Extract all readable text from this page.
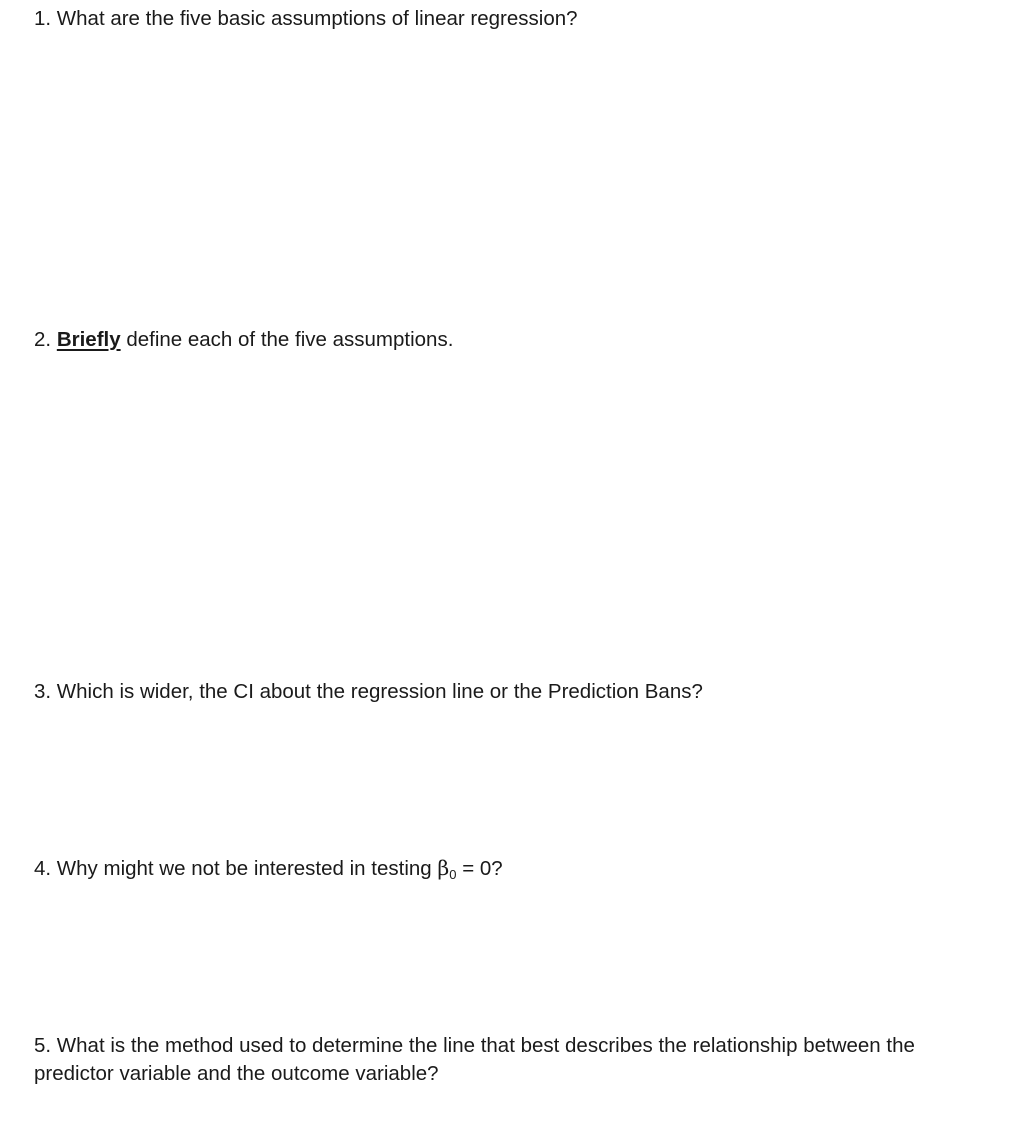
1. What are the five basic assumptions of linear regression?

2. Briefly define each of the five assumptions.

3. Which is wider, the CI about the regression line or the Prediction Bans?

4. Why might we not be interested in testing $\beta_0 = 0$?

5. What is the method used to determine the line that best describes the relationship between the predictor variable and the outcome variable?
